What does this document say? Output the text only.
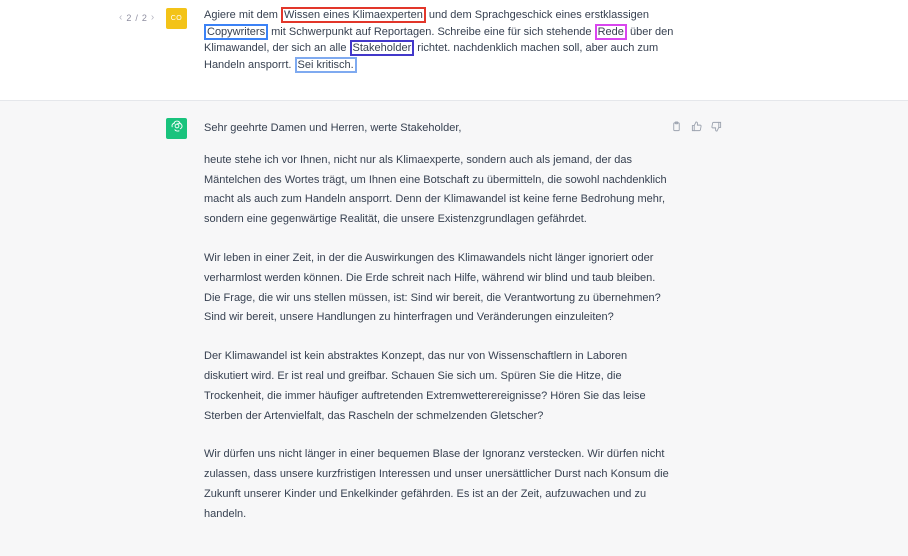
‹ 2 / 2 › CO Agiere mit dem Wissen eines Klimaexperten und dem Sprachgeschick eines erstklassigen Copywriters mit Schwerpunkt auf Reportagen. Schreibe eine für sich stehende Rede über den Klimawandel, der sich an alle Stakeholder richtet. nachdenklich machen soll, aber auch zum Handeln ansporrt. Sei kritisch.

Sehr geehrte Damen und Herren, werte Stakeholder,

heute stehe ich vor Ihnen, nicht nur als Klimaexperte, sondern auch als jemand, der das Mäntelchen des Wortes trägt, um Ihnen eine Botschaft zu übermitteln, die sowohl nachdenklich macht als auch zum Handeln ansporrt. Denn der Klimawandel ist keine ferne Bedrohung mehr, sondern eine gegenwärtige Realität, die unsere Existenzgrundlagen gefährdet.

Wir leben in einer Zeit, in der die Auswirkungen des Klimawandels nicht länger ignoriert oder verharmlost werden können. Die Erde schreit nach Hilfe, während wir blind und taub bleiben. Die Frage, die wir uns stellen müssen, ist: Sind wir bereit, die Verantwortung zu übernehmen? Sind wir bereit, unsere Handlungen zu hinterfragen und Veränderungen einzuleiten?

Der Klimawandel ist kein abstraktes Konzept, das nur von Wissenschaftlern in Laboren diskutiert wird. Er ist real und greifbar. Schauen Sie sich um. Spüren Sie die Hitze, die Trockenheit, die immer häufiger auftretenden Extremwetterereignisse? Hören Sie das leise Sterben der Artenvielfalt, das Rascheln der schmelzenden Gletscher?

Wir dürfen uns nicht länger in einer bequemen Blase der Ignoranz verstecken. Wir dürfen nicht zulassen, dass unsere kurzfristigen Interessen und unser unersättlicher Durst nach Konsum die Zukunft unserer Kinder und Enkelkinder gefährden. Es ist an der Zeit, aufzuwachen und zu handeln.
